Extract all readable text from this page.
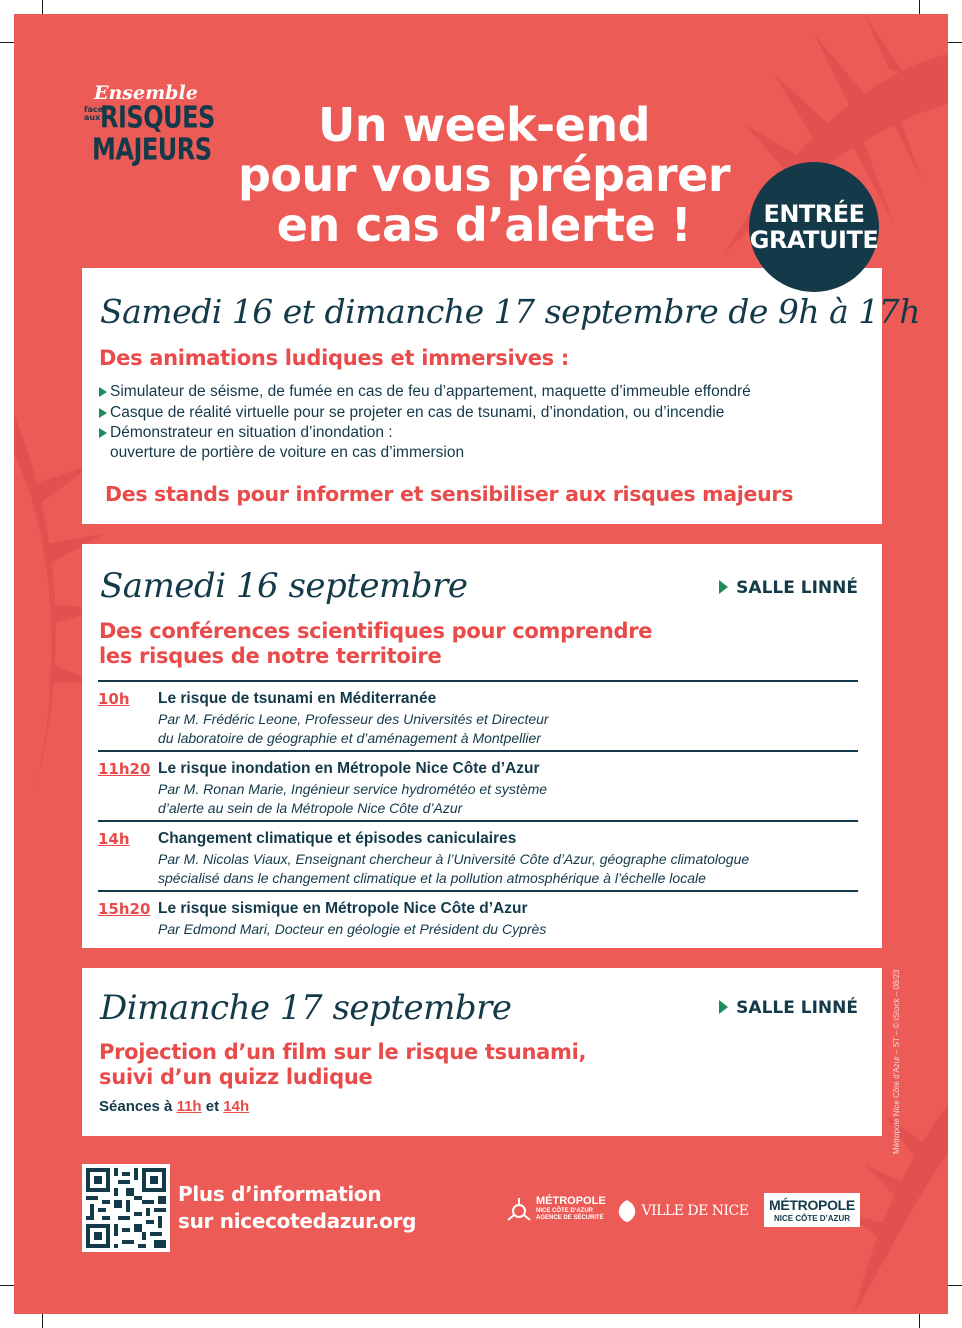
Ensemble
face
aux RISQUES
MAJEURS	Un week-end
pour vous préparer
en cas d’alerte !
Samedi 16 et dimanche 17 septembre de 9h à 17h
Des animations ludiques et immersives :
Simulateur de séisme, de fumée en cas de feu d’appartement, maquette d’immeuble effondré
Casque de réalité virtuelle pour se projeter en cas de tsunami, d’inondation, ou d’incendie
Démonstrateur en situation d’inondation :
ouverture de portière de voiture en cas d’immersion
Des stands pour informer et sensibiliser aux risques majeurs
ENTRÉE
GRATUITE
Samedi 16 septembre	SALLE LINNÉ
Des conférences scientifiques pour comprendre
les risques de notre territoire
10h Le risque de tsunami en Méditerranée
Par M. Frédéric Leone, Professeur des Universités et Directeur
du laboratoire de géographie et d’aménagement à Montpellier
11h20 Le risque inondation en Métropole Nice Côte d’Azur
Par M. Ronan Marie, Ingénieur service hydrométéo et système
d’alerte au sein de la Métropole Nice Côte d’Azur
14h Changement climatique et épisodes caniculaires
Par M. Nicolas Viaux, Enseignant chercheur à l’Université Côte d’Azur, géographe climatologue
spécialisé dans le changement climatique et la pollution atmosphérique à l’échelle locale
15h20 Le risque sismique en Métropole Nice Côte d’Azur
Par Edmond Mari, Docteur en géologie et Président du Cyprès
Dimanche 17 septembre	SALLE LINNÉ
Projection d’un film sur le risque tsunami,
suivi d’un quizz ludique
Séances à 11h et 14h	Métropole Nice Côte d’Azur – ST – © iStock – 08/23
Plus d’information
sur nicecotedazur.org
MÉTROPOLE
NICE CÔTE D’AZUR
AGENCE DE SÉCURITÉ	VILLE DE NICE	MÉTROPOLE
NICE CÔTE D’AZUR
